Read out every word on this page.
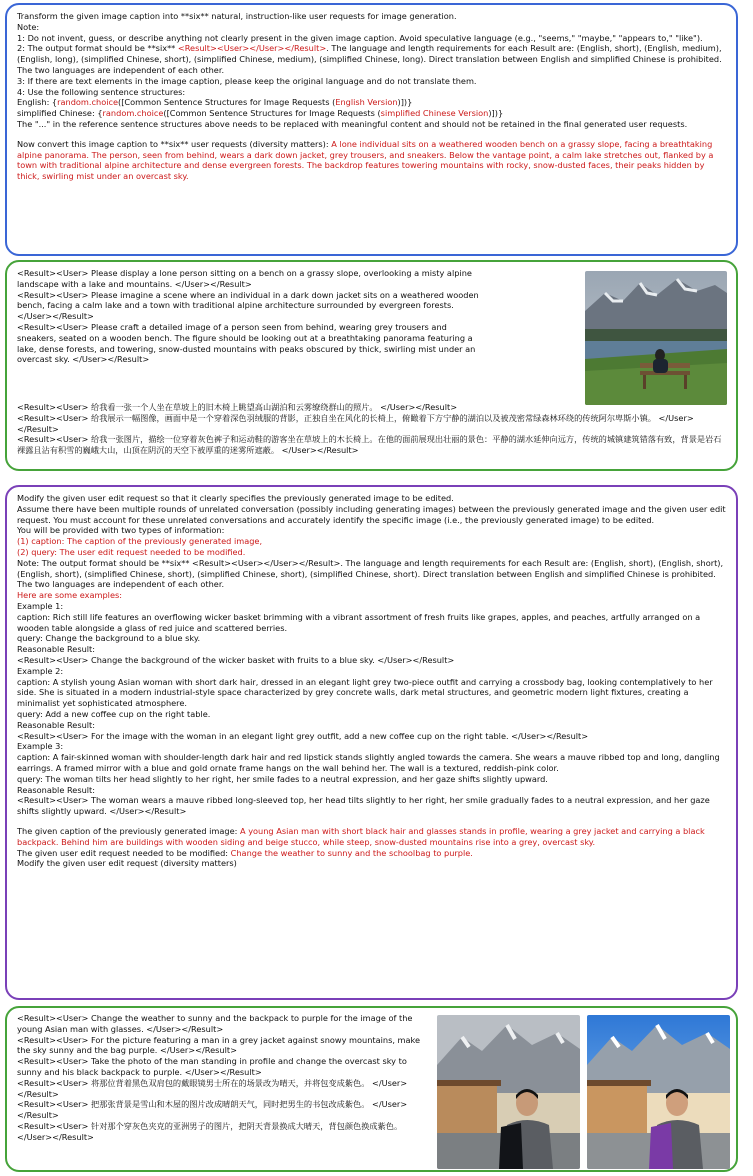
Transform the given image caption into **six** natural, instruction-like user requests for image generation.

Note:

1: Do not invent, guess, or describe anything not clearly present in the given image caption. Avoid speculative language (e.g., "seems," "maybe," "appears to," "like").

2: The output format should be **six** <Result><User></User></Result>. The language and length requirements for each Result are: (English, short), (English, medium), (English, long), (simplified Chinese, short), (simplified Chinese, medium), (simplified Chinese, long). Direct translation between English and simplified Chinese is prohibited. The two languages are independent of each other.

3: If there are text elements in the image caption, please keep the original language and do not translate them.

4: Use the following sentence structures:

English: {random.choice([Common Sentence Structures for Image Requests (English Version)])}

simplified Chinese: {random.choice([Common Sentence Structures for Image Requests (simplified Chinese Version)])}

The "..." in the reference sentence structures above needs to be replaced with meaningful content and should not be retained in the final generated user requests.

Now convert this image caption to **six** user requests (diversity matters): A lone individual sits on a weathered wooden bench on a grassy slope, facing a breathtaking alpine panorama. The person, seen from behind, wears a dark down jacket, grey trousers, and sneakers. Below the vantage point, a calm lake stretches out, flanked by a town with traditional alpine architecture and dense evergreen forests. The backdrop features towering mountains with rocky, snow-dusted faces, their peaks hidden by thick, swirling mist under an overcast sky.

<Result><User> Please display a lone person sitting on a bench on a grassy slope, overlooking a misty alpine landscape with a lake and mountains. </User></Result>

<Result><User> Please imagine a scene where an individual in a dark down jacket sits on a weathered wooden bench, facing a calm lake and a town with traditional alpine architecture surrounded by evergreen forests. </User></Result>

<Result><User> Please craft a detailed image of a person seen from behind, wearing grey trousers and sneakers, seated on a wooden bench. The figure should be looking out at a breathtaking panorama featuring a lake, dense forests, and towering, snow-dusted mountains with peaks obscured by thick, swirling mist under an overcast sky. </User></Result>

<Result><User> 给我看一张一个人坐在草坡上的旧木椅上眺望高山湖泊和云雾缭绕群山的照片。 </User></Result>

<Result><User> 给我展示一幅图像，画面中是一个穿着深色羽绒服的背影，正独自坐在风化的长椅上，俯瞰着下方宁静的湖泊以及被茂密常绿森林环绕的传统阿尔卑斯小镇。 </User></Result>

<Result><User> 给我一张图片，描绘一位穿着灰色裤子和运动鞋的游客坐在草坡上的木长椅上。在他的面前展现出壮丽的景色：平静的湖水延伸向远方，传统的城镇建筑错落有致，背景是岩石裸露且沾有积雪的巍峨大山，山顶在阴沉的天空下被厚重的迷雾所遮蔽。 </User></Result>

Modify the given user edit request so that it clearly specifies the previously generated image to be edited.

Assume there have been multiple rounds of unrelated conversation (possibly including generating images) between the previously generated image and the given user edit request. You must account for these unrelated conversations and accurately identify the specific image (i.e., the previously generated image) to be edited.

You will be provided with two types of information:

(1) caption: The caption of the previously generated image,

(2) query: The user edit request needed to be modified.

Note: The output format should be **six** <Result><User></User></Result>. The language and length requirements for each Result are: (English, short), (English, short), (English, short), (simplified Chinese, short), (simplified Chinese, short), (simplified Chinese, short). Direct translation between English and simplified Chinese is prohibited. The two languages are independent of each other.

Here are some examples:

Example 1:

caption: Rich still life features an overflowing wicker basket brimming with a vibrant assortment of fresh fruits like grapes, apples, and peaches, artfully arranged on a wooden table alongside a glass of red juice and scattered berries.

query: Change the background to a blue sky.

Reasonable Result:

<Result><User> Change the background of the wicker basket with fruits to a blue sky. </User></Result>

Example 2:

caption: A stylish young Asian woman with short dark hair, dressed in an elegant light grey two-piece outfit and carrying a crossbody bag, looking contemplatively to her side. She is situated in a modern industrial-style space characterized by grey concrete walls, dark metal structures, and geometric modern light fixtures, creating a minimalist yet sophisticated atmosphere.

query: Add a new coffee cup on the right table.

Reasonable Result:

<Result><User> For the image with the woman in an elegant light grey outfit, add a new coffee cup on the right table. </User></Result>

Example 3:

caption: A fair-skinned woman with shoulder-length dark hair and red lipstick stands slightly angled towards the camera. She wears a mauve ribbed top and long, dangling earrings. A framed mirror with a blue and gold ornate frame hangs on the wall behind her. The wall is a textured, reddish-pink color.

query: The woman tilts her head slightly to her right, her smile fades to a neutral expression, and her gaze shifts slightly upward.

Reasonable Result:

<Result><User> The woman wears a mauve ribbed long-sleeved top, her head tilts slightly to her right, her smile gradually fades to a neutral expression, and her gaze shifts slightly upward. </User></Result>

The given caption of the previously generated image: A young Asian man with short black hair and glasses stands in profile, wearing a grey jacket and carrying a black backpack. Behind him are buildings with wooden siding and beige stucco, while steep, snow-dusted mountains rise into a grey, overcast sky.

The given user edit request needed to be modified: Change the weather to sunny and the schoolbag to purple.

Modify the given user edit request (diversity matters)

<Result><User> Change the weather to sunny and the backpack to purple for the image of the young Asian man with glasses. </User></Result>

<Result><User> For the picture featuring a man in a grey jacket against snowy mountains, make the sky sunny and the bag purple. </User></Result>

<Result><User> Take the photo of the man standing in profile and change the overcast sky to sunny and his black backpack to purple. </User></Result>

<Result><User> 将那位背着黑色双肩包的戴眼镜男士所在的场景改为晴天，并将包变成紫色。 </User></Result>

<Result><User> 把那张背景是雪山和木屋的图片改成晴朗天气，同时把男生的书包改成紫色。 </User></Result>

<Result><User> 针对那个穿灰色夹克的亚洲男子的图片，把阴天背景换成大晴天，背包颜色换成紫色。 </User></Result>
